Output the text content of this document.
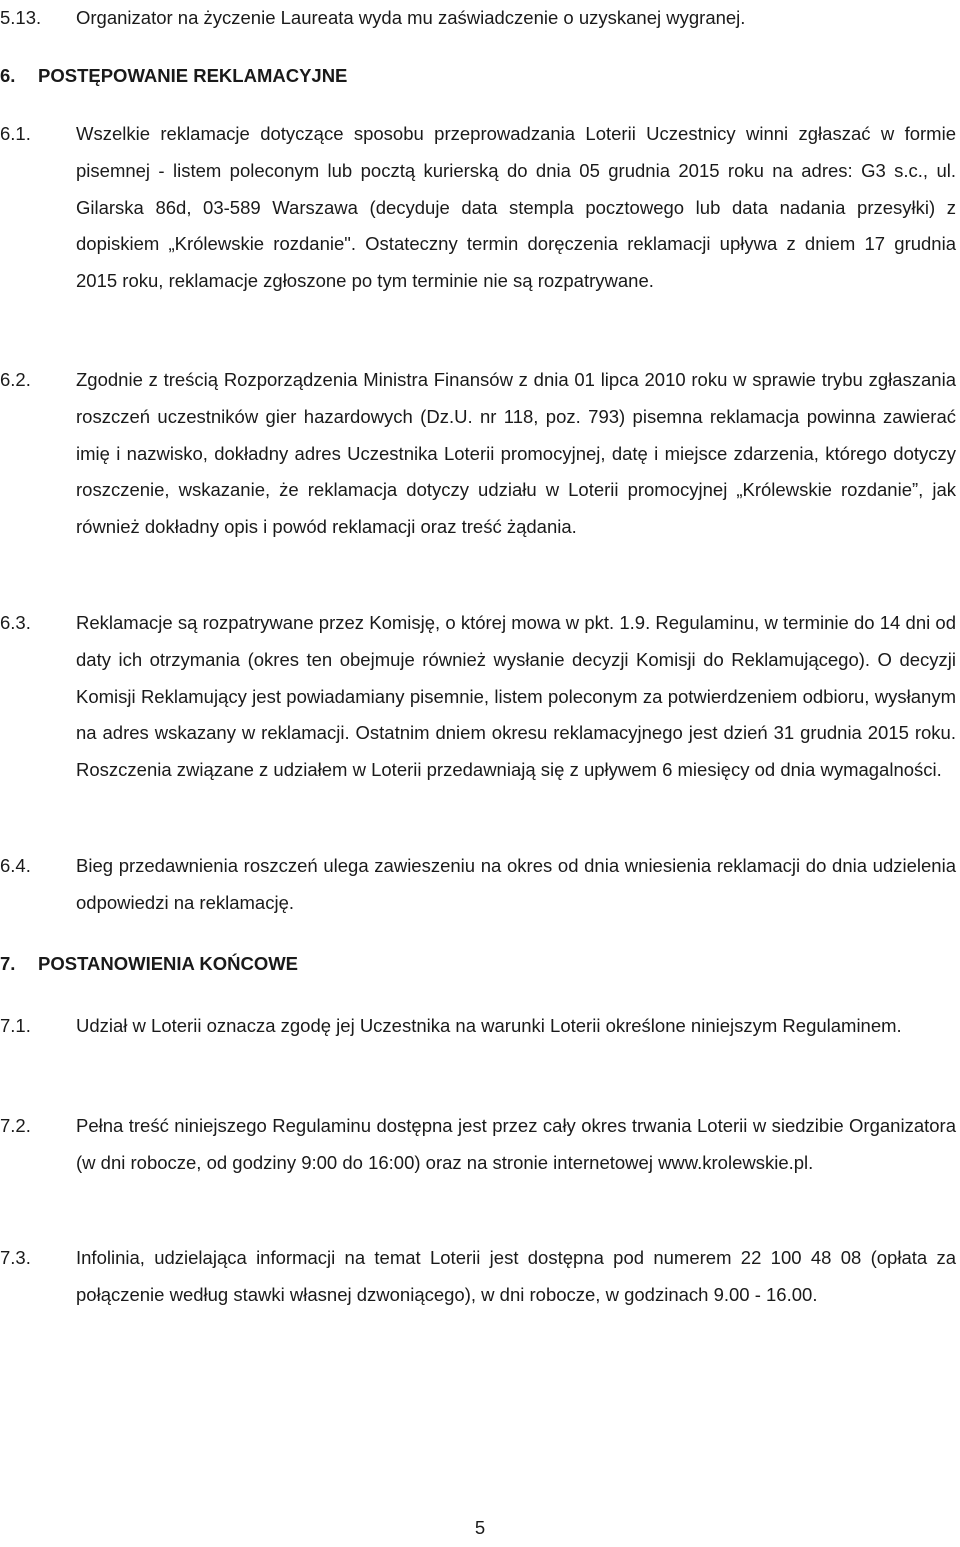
5.13. Organizator na życzenie Laureata wyda mu zaświadczenie o uzyskanej wygranej.
6. POSTĘPOWANIE REKLAMACYJNE
6.1. Wszelkie reklamacje dotyczące sposobu przeprowadzania Loterii Uczestnicy winni zgłaszać w formie pisemnej - listem poleconym lub pocztą kurierską do dnia 05 grudnia 2015 roku na adres: G3 s.c., ul. Gilarska 86d, 03-589 Warszawa (decyduje data stempla pocztowego lub data nadania przesyłki) z dopiskiem „Królewskie rozdanie". Ostateczny termin doręczenia reklamacji upływa z dniem 17 grudnia 2015 roku, reklamacje zgłoszone po tym terminie nie są rozpatrywane.
6.2. Zgodnie z treścią Rozporządzenia Ministra Finansów z dnia 01 lipca 2010 roku w sprawie trybu zgłaszania roszczeń uczestników gier hazardowych (Dz.U. nr 118, poz. 793) pisemna reklamacja powinna zawierać imię i nazwisko, dokładny adres Uczestnika Loterii promocyjnej, datę i miejsce zdarzenia, którego dotyczy roszczenie, wskazanie, że reklamacja dotyczy udziału w Loterii promocyjnej „Królewskie rozdanie”, jak również dokładny opis i powód reklamacji oraz treść żądania.
6.3. Reklamacje są rozpatrywane przez Komisję, o której mowa w pkt. 1.9. Regulaminu, w terminie do 14 dni od daty ich otrzymania (okres ten obejmuje również wysłanie decyzji Komisji do Reklamującego). O decyzji Komisji Reklamujący jest powiadamiany pisemnie, listem poleconym za potwierdzeniem odbioru, wysłanym na adres wskazany w reklamacji. Ostatnim dniem okresu reklamacyjnego jest dzień 31 grudnia 2015 roku. Roszczenia związane z udziałem w Loterii przedawniają się z upływem 6 miesięcy od dnia wymagalności.
6.4. Bieg przedawnienia roszczeń ulega zawieszeniu na okres od dnia wniesienia reklamacji do dnia udzielenia odpowiedzi na reklamację.
7. POSTANOWIENIA KOŃCOWE
7.1. Udział w Loterii oznacza zgodę jej Uczestnika na warunki Loterii określone niniejszym Regulaminem.
7.2. Pełna treść niniejszego Regulaminu dostępna jest przez cały okres trwania Loterii w siedzibie Organizatora (w dni robocze, od godziny 9:00 do 16:00) oraz na stronie internetowej www.krolewskie.pl.
7.3. Infolinia, udzielająca informacji na temat Loterii jest dostępna pod numerem 22 100 48 08 (opłata za połączenie według stawki własnej dzwoniącego), w dni robocze, w godzinach 9.00 - 16.00.
5
